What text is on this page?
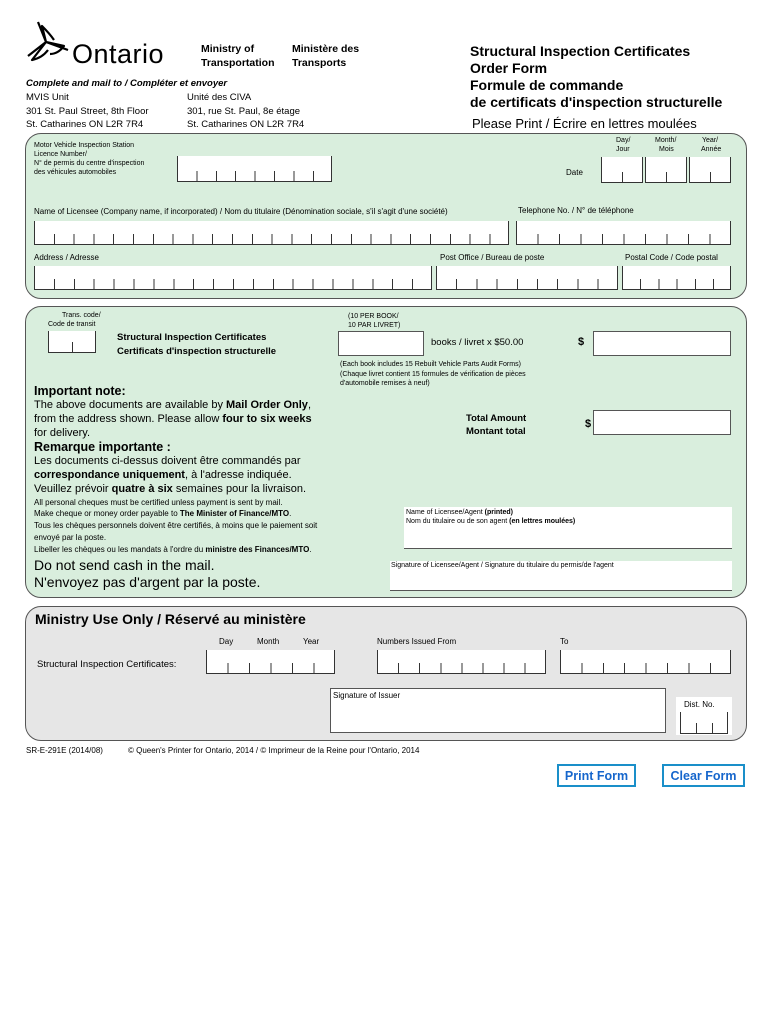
Ontario	Ministry of
Transportation
Ministère des
Transports
Structural Inspection Certificates
Order Form
Formule de commande
de certificats d'inspection structurelle
Please Print / Écrire en lettres moulées
Complete and mail to / Compléter et envoyer
MVIS Unit
301 St. Paul Street, 8th Floor
St. Catharines ON L2R 7R4
Unité des CIVA
301, rue St. Paul, 8e étage
St. Catharines ON L2R 7R4
Motor Vehicle Inspection Station
Licence Number/
N° de permis du centre d'inspection
des véhicules automobiles
Day/
Jour
Month/
Mois
Year/
Année
Date
Name of Licensee (Company name, if incorporated) / Nom du titulaire (Dénomination sociale, s'il s'agit d'une société)	Telephone No. / N° de téléphone
Address / Adresse	Post Office / Bureau de poste	Postal Code / Code postal
Trans. code/
Code de transit
Structural Inspection Certificates
Certificats d'inspection structurelle
(10 PER BOOK/
10 PAR LIVRET)
books / livret x $50.00	$
(Each book includes 15 Rebuilt Vehicle Parts Audit Forms)
(Chaque livret contient 15 formules de vérification de pièces
d'automobile remises à neuf)
Important note:
The above documents are available by Mail Order Only,
from the address shown. Please allow four to six weeks
for delivery.
Remarque importante :
Les documents ci-dessus doivent être commandés par
correspondance uniquement, à l'adresse indiquée.
Veuillez prévoir quatre à six semaines pour la livraison.
All personal cheques must be certified unless payment is sent by mail.
Make cheque or money order payable to The Minister of Finance/MTO.
Tous les chèques personnels doivent être certifiés, à moins que le paiement soit
envoyé par la poste.
Libeller les chèques ou les mandats à l'ordre du ministre des Finances/MTO.
Do not send cash in the mail.
N'envoyez pas d'argent par la poste.
Total Amount
Montant total
$
Name of Licensee/Agent (printed)
Nom du titulaire ou de son agent (en lettres moulées)
Signature of Licensee/Agent / Signature du titulaire du permis/de l'agent
Ministry Use Only / Réservé au ministère
Day	Month	Year	Numbers Issued From	To
Structural Inspection Certificates:
Signature of Issuer
Dist. No.
SR-E-291E (2014/08)	© Queen's Printer for Ontario, 2014 / © Imprimeur de la Reine pour l'Ontario, 2014
Print Form	Clear Form
